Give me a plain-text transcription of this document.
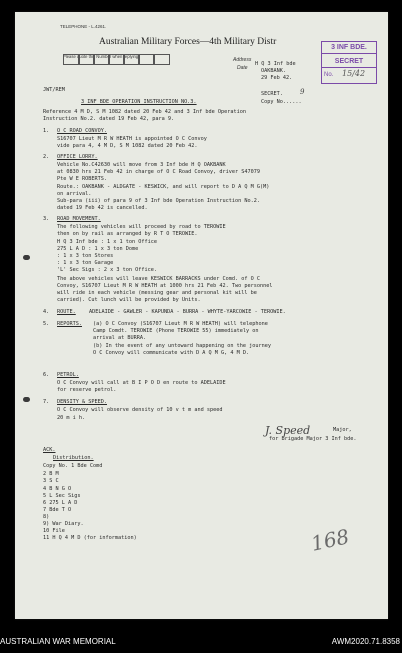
TELEPHONE - L.4261.
Australian Military Forces—4th Military Distr
Please quote this Number when replying.
Address
Date
H Q 3 Inf bde
OAKBANK.
29 Feb 42.
SECRET. 9
Copy No......
3 INF BDE.
SECRET
No. 15/42
JWT/REM
3 INF BDE OPERATION INSTRUCTION NO.3.
Reference 4 M D, S M 1082 dated 20 Feb 42 and 3 Inf bde Operation
Instruction No.2. dated 19 Feb 42, para 9.
1. O C ROAD CONVOY.
S16707 Lieut M R W HEATH is appointed O C Convoy
vide para 4, 4 M D, S M 1082 dated 20 Feb 42.
2. OFFICE LORRY.
Vehicle No.C42630 will move from 3 Inf bde H Q OAKBANK
at 0830 hrs 21 Feb 42 in charge of O C Road Convoy, driver S47079
Pte W E ROBERTS.
Route.: OAKBANK - ALDGATE - KESWICK, and will report to D A Q M G(M)
on arrival.
Sub-para (iii) of para 9 of 3 Inf bde Operation Instruction No.2.
dated 19 Feb 42 is cancelled.
3. ROAD MOVEMENT.
The following vehicles will proceed by road to TEROWIE
then on by rail as arranged by R T O TEROWIE.
H Q 3 Inf bde : 1 x 1 ton Office
275 L A D : 1 x 3 ton Dome
: 1 x 3 ton Stores
: 1 x 3 ton Garage
'L' Sec Sigs : 2 x 3 ton Office.
The above vehicles will leave KESWICK BARRACKS under Comd. of O C
Convoy, S16707 Lieut M R W HEATH at 1000 hrs 21 Feb 42. Two personnel
will ride in each vehicle (messing gear and personal kit will be
carried). Cut lunch will be provided by Units.
4. ROUTE.	ADELAIDE - GAWLER - KAPUNDA - BURRA - WHYTE-YARCOWIE - TEROWIE.
5. REPORTS. (a) O C Convoy (S16707 Lieut M R W HEATH) will telephone
Camp Comdt. TEROWIE (Phone TEROWIE 55) immediately on
arrival at BURRA.
(b) In the event of any untoward happening on the journey
O C Convoy will communicate with D A Q M G, 4 M D.
6. PETROL.
O C Convoy will call at B I P O D en route to ADELAIDE
for reserve petrol.
7. DENSITY & SPEED.
O C Convoy will observe density of 10 v t m and speed
20 m i h.
J. Speed	Major,
for Brigade Major 3 Inf bde.
ACK.
Distribution.
Copy No. 1 Bde Comd
2 B M
3 S C
4 B N G O
5 L Sec Sigs
6 275 L A D
7 Bde T O
8)
9) War Diary.
10 File
11 H Q 4 M D (for information)	168
AUSTRALIAN WAR MEMORIAL	AWM2020.71.8358
